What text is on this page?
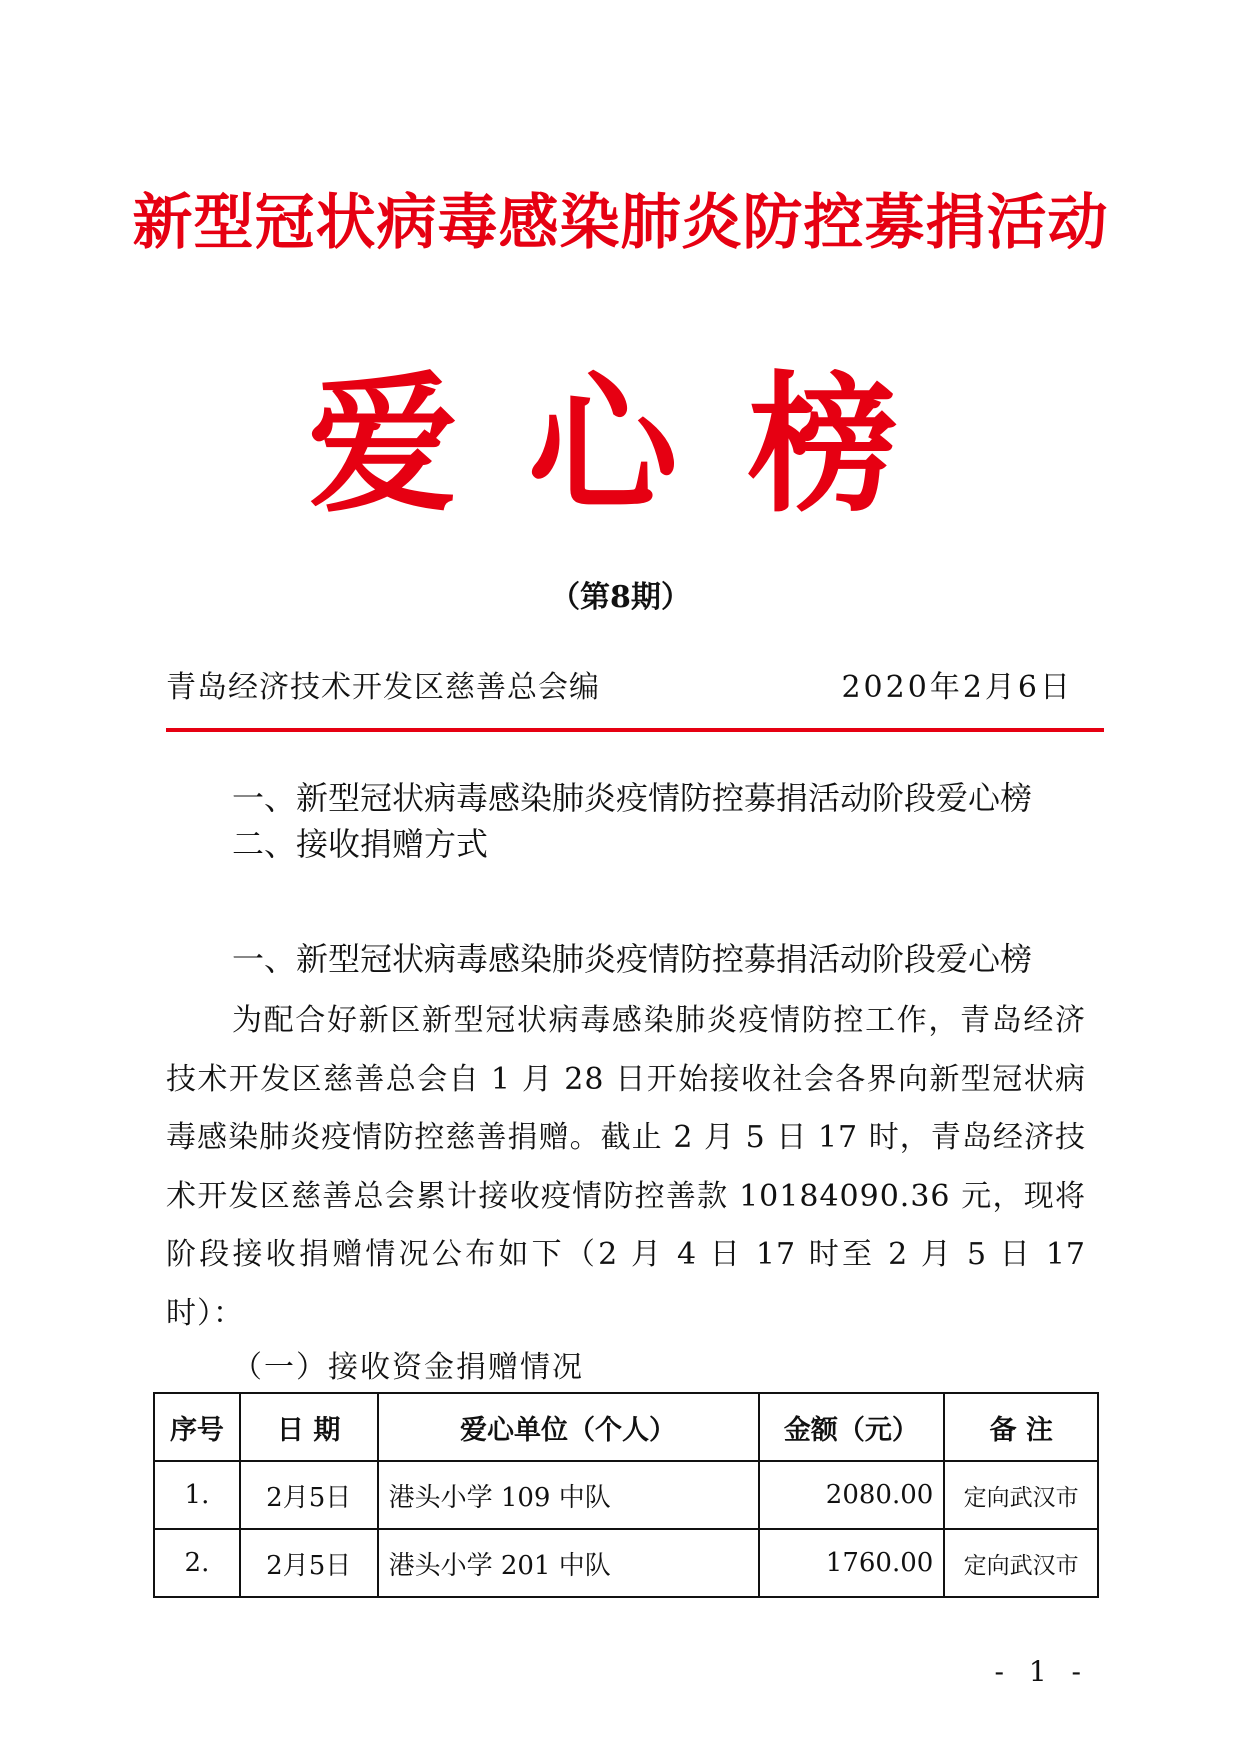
新型冠状病毒感染肺炎防控募捐活动
爱心榜
（第8期）
青岛经济技术开发区慈善总会编	2020年2月6日
一、新型冠状病毒感染肺炎疫情防控募捐活动阶段爱心榜
二、接收捐赠方式
一、新型冠状病毒感染肺炎疫情防控募捐活动阶段爱心榜
为配合好新区新型冠状病毒感染肺炎疫情防控工作，青岛经济技术开发区慈善总会自 1 月 28 日开始接收社会各界向新型冠状病毒感染肺炎疫情防控慈善捐赠。截止 2 月 5 日 17 时，青岛经济技术开发区慈善总会累计接收疫情防控善款 10184090.36 元，现将阶段接收捐赠情况公布如下（2 月 4 日 17 时至 2 月 5 日 17 时）：
（一）接收资金捐赠情况
序号	日 期	爱心单位（个人）	金额（元）	备 注
1.	2月5日	港头小学 109 中队	2080.00	定向武汉市
2.	2月5日	港头小学 201 中队	1760.00	定向武汉市
- 1 -
